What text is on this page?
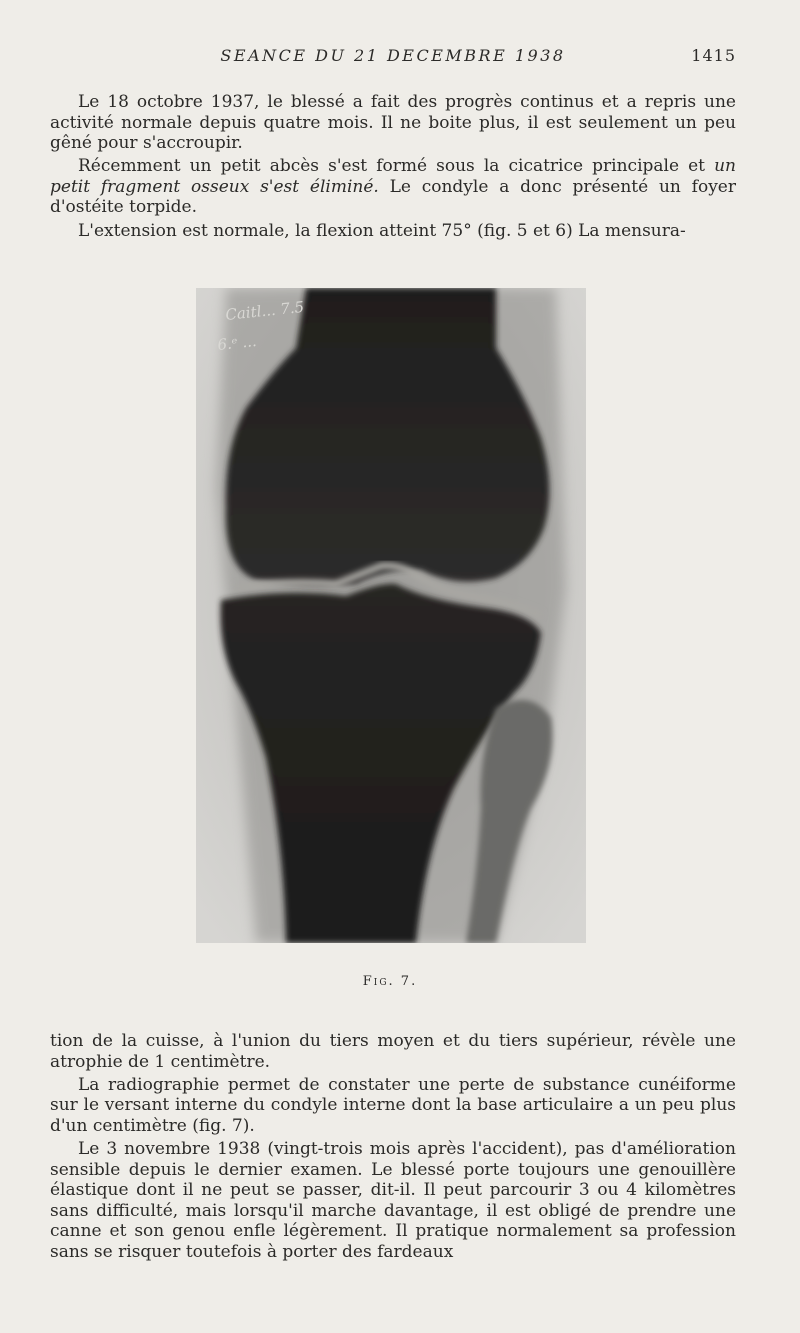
SEANCE DU 21 DECEMBRE 1938	1415

Le 18 octobre 1937, le blessé a fait des progrès continus et a repris une activité normale depuis quatre mois. Il ne boite plus, il est seulement un peu gêné pour s'accroupir.

Récemment un petit abcès s'est formé sous la cicatrice principale et un petit fragment osseux s'est éliminé. Le condyle a donc présenté un foyer d'ostéite torpide.

L'extension est normale, la flexion atteint 75° (fig. 5 et 6) La mensura-

Caitl... 7.5
6.ᵉ ...
Fig. 7.

tion de la cuisse, à l'union du tiers moyen et du tiers supérieur, révèle une atrophie de 1 centimètre.

La radiographie permet de constater une perte de substance cunéiforme sur le versant interne du condyle interne dont la base articulaire a un peu plus d'un centimètre (fig. 7).

Le 3 novembre 1938 (vingt-trois mois après l'accident), pas d'amélioration sensible depuis le dernier examen. Le blessé porte toujours une genouillère élastique dont il ne peut se passer, dit-il. Il peut parcourir 3 ou 4 kilomètres sans difficulté, mais lorsqu'il marche davantage, il est obligé de prendre une canne et son genou enfle légèrement. Il pratique normalement sa profession sans se risquer toutefois à porter des fardeaux
